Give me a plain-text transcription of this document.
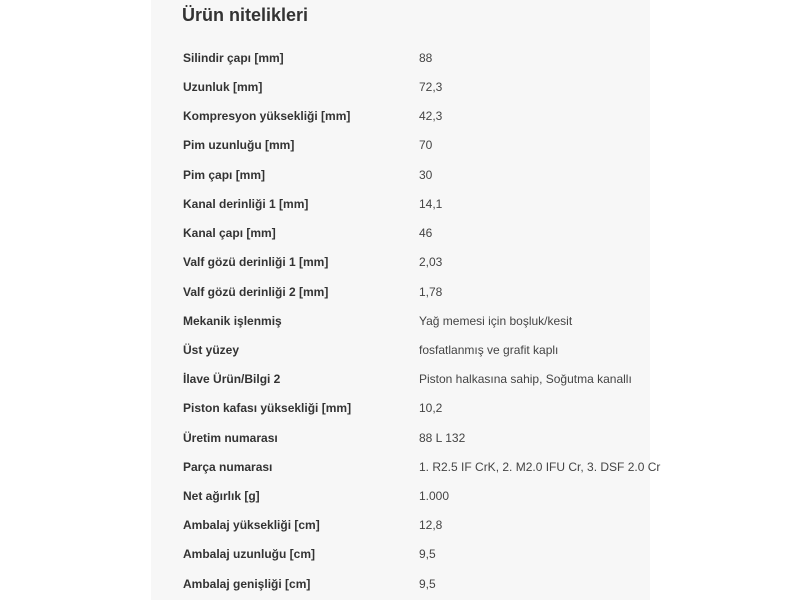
Ürün nitelikleri
Silindir çapı [mm]	88
Uzunluk [mm]	72,3
Kompresyon yüksekliği [mm]	42,3
Pim uzunluğu [mm]	70
Pim çapı [mm]	30
Kanal derinliği 1 [mm]	14,1
Kanal çapı [mm]	46
Valf gözü derinliği 1 [mm]	2,03
Valf gözü derinliği 2 [mm]	1,78
Mekanik işlenmiş	Yağ memesi için boşluk/kesit
Üst yüzey	fosfatlanmış ve grafit kaplı
İlave Ürün/Bilgi 2	Piston halkasına sahip, Soğutma kanallı
Piston kafası yüksekliği [mm]	10,2
Üretim numarası	88 L 132
Parça numarası	1. R2.5 IF CrK, 2. M2.0 IFU Cr, 3. DSF 2.0 Cr
Net ağırlık [g]	1.000
Ambalaj yüksekliği [cm]	12,8
Ambalaj uzunluğu [cm]	9,5
Ambalaj genişliği [cm]	9,5
